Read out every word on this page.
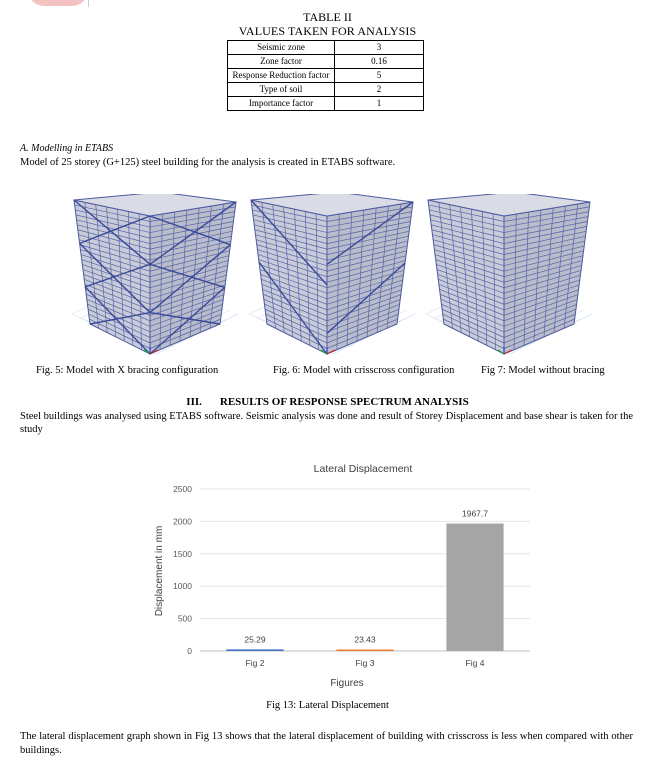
TABLE II
VALUES TAKEN FOR ANALYSIS
Seismic zone	3
Zone factor	0.16
Response Reduction factor	5
Type of soil	2
Importance factor	1
A. Modelling in ETABS
Model of 25 storey (G+125) steel building for the analysis is created in ETABS software.
Fig. 5: Model with X bracing configuration	Fig. 6: Model with crisscross configuration	Fig 7: Model without bracing
III. RESULTS OF RESPONSE SPECTRUM ANALYSIS
Steel buildings was analysed using ETABS software. Seismic analysis was done and result of Storey Displacement and base shear is taken for the study
Lateral Displacement
0
500
1000
1500
2000
2500
25.29	23.43
1967.7
Fig 2	Fig 3	Fig 4
Figures
Displacement in mm
Fig 13: Lateral Displacement
The lateral displacement graph shown in Fig 13 shows that the lateral displacement of building with crisscross is less when compared with other buildings.
